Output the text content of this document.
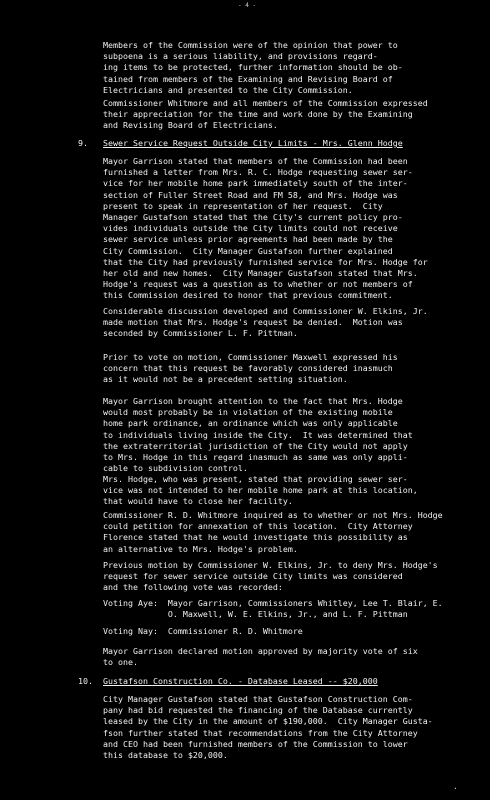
- 4 -
Members of the Commission were of the opinion that power to
subpoena is a serious liability, and provisions regard-
ing items to be protected, further information should be ob-
tained from members of the Examining and Revising Board of
Electricians and presented to the City Commission.
Commissioner Whitmore and all members of the Commission expressed
their appreciation for the time and work done by the Examining
and Revising Board of Electricians.
9. Sewer Service Request Outside City Limits - Mrs. Glenn Hodge
Mayor Garrison stated that members of the Commission had been
furnished a letter from Mrs. R. C. Hodge requesting sewer ser-
vice for her mobile home park immediately south of the inter-
section of Fuller Street Road and FM 58, and Mrs. Hodge was
present to speak in representation of her request.  City
Manager Gustafson stated that the City's current policy pro-
vides individuals outside the City limits could not receive
sewer service unless prior agreements had been made by the
City Commission.  City Manager Gustafson further explained
that the City had previously furnished service for Mrs. Hodge for
her old and new homes.  City Manager Gustafson stated that Mrs.
Hodge's request was a question as to whether or not members of
this Commission desired to honor that previous commitment.
Considerable discussion developed and Commissioner W. Elkins, Jr.
made motion that Mrs. Hodge's request be denied.  Motion was
seconded by Commissioner L. F. Pittman.
Prior to vote on motion, Commissioner Maxwell expressed his
concern that this request be favorably considered inasmuch
as it would not be a precedent setting situation.
Mayor Garrison brought attention to the fact that Mrs. Hodge
would most probably be in violation of the existing mobile
home park ordinance, an ordinance which was only applicable
to individuals living inside the City.  It was determined that
the extraterritorial jurisdiction of the City would not apply
to Mrs. Hodge in this regard inasmuch as same was only appli-
cable to subdivision control.
Mrs. Hodge, who was present, stated that providing sewer ser-
vice was not intended to her mobile home park at this location,
that would have to close her facility.
Commissioner R. D. Whitmore inquired as to whether or not Mrs. Hodge
could petition for annexation of this location.  City Attorney
Florence stated that he would investigate this possibility as
an alternative to Mrs. Hodge's problem.
Previous motion by Commissioner W. Elkins, Jr. to deny Mrs. Hodge's
request for sewer service outside City limits was considered
and the following vote was recorded:
Voting Aye:  Mayor Garrison, Commissioners Whitley, Lee T. Blair, E.
O. Maxwell, W. E. Elkins, Jr., and L. F. Pittman
Voting Nay:  Commissioner R. D. Whitmore
Mayor Garrison declared motion approved by majority vote of six
to one.
10. Gustafson Construction Co. - Database Leased -- $20,000
City Manager Gustafson stated that Gustafson Construction Com-
pany had bid requested the financing of the Database currently
leased by the City in the amount of $190,000.  City Manager Gusta-
fson further stated that recommendations from the City Attorney
and CEO had been furnished members of the Commission to lower
this database to $20,000.
·
